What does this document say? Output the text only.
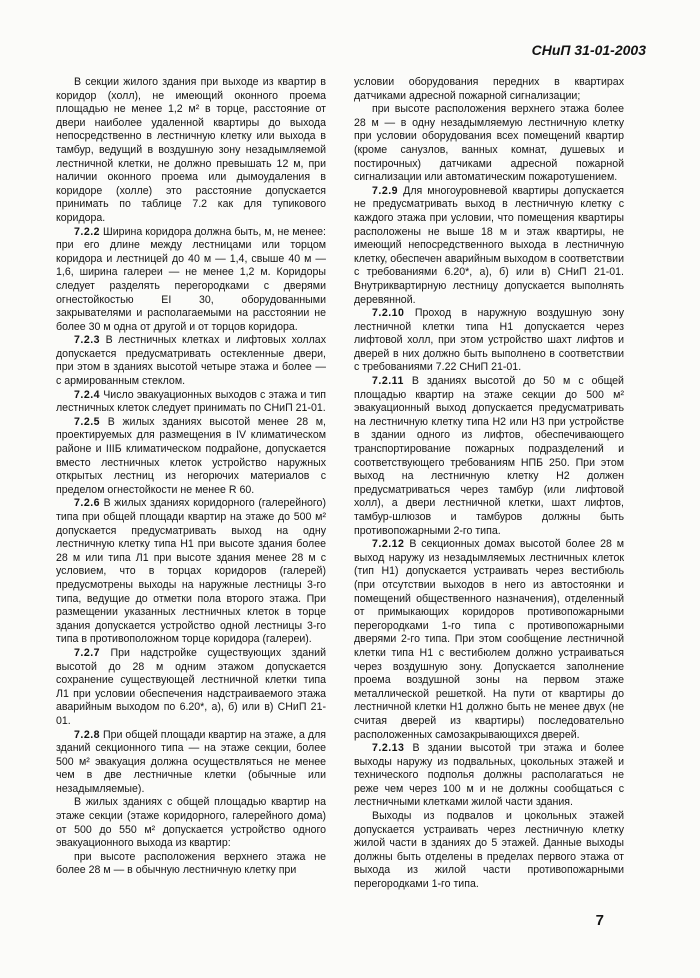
СНиП 31-01-2003

В секции жилого здания при выходе из квартир в коридор (холл), не имеющий оконного проема площадью не менее 1,2 м² в торце, расстояние от двери наиболее удаленной квартиры до выхода непосредственно в лестничную клетку или выхода в тамбур, ведущий в воздушную зону незадымляемой лестничной клетки, не должно превышать 12 м, при наличии оконного проема или дымоудаления в коридоре (холле) это расстояние допускается принимать по таблице 7.2 как для тупикового коридора.

7.2.2 Ширина коридора должна быть, м, не менее: при его длине между лестницами или торцом коридора и лестницей до 40 м — 1,4, свыше 40 м — 1,6, ширина галереи — не менее 1,2 м. Коридоры следует разделять перегородками с дверями огнестойкостью EI 30, оборудованными закрывателями и располагаемыми на расстоянии не более 30 м одна от другой и от торцов коридора.

7.2.3 В лестничных клетках и лифтовых холлах допускается предусматривать остекленные двери, при этом в зданиях высотой четыре этажа и более — с армированным стеклом.

7.2.4 Число эвакуационных выходов с этажа и тип лестничных клеток следует принимать по СНиП 21-01.

7.2.5 В жилых зданиях высотой менее 28 м, проектируемых для размещения в IV климатическом районе и IIIБ климатическом подрайоне, допускается вместо лестничных клеток устройство наружных открытых лестниц из негорючих материалов с пределом огнестойкости не менее R 60.

7.2.6 В жилых зданиях коридорного (галерейного) типа при общей площади квартир на этаже до 500 м² допускается предусматривать выход на одну лестничную клетку типа Н1 при высоте здания более 28 м или типа Л1 при высоте здания менее 28 м с условием, что в торцах коридоров (галерей) предусмотрены выходы на наружные лестницы 3-го типа, ведущие до отметки пола второго этажа. При размещении указанных лестничных клеток в торце здания допускается устройство одной лестницы 3-го типа в противоположном торце коридора (галереи).

7.2.7 При надстройке существующих зданий высотой до 28 м одним этажом допускается сохранение существующей лестничной клетки типа Л1 при условии обеспечения надстраиваемого этажа аварийным выходом по 6.20*, а), б) или в) СНиП 21-01.

7.2.8 При общей площади квартир на этаже, а для зданий секционного типа — на этаже секции, более 500 м² эвакуация должна осуществляться не менее чем в две лестничные клетки (обычные или незадымляемые).

В жилых зданиях с общей площадью квартир на этаже секции (этаже коридорного, галерейного дома) от 500 до 550 м² допускается устройство одного эвакуационного выхода из квартир:

при высоте расположения верхнего этажа не более 28 м — в обычную лестничную клетку при

условии оборудования передних в квартирах датчиками адресной пожарной сигнализации;

при высоте расположения верхнего этажа более 28 м — в одну незадымляемую лестничную клетку при условии оборудования всех помещений квартир (кроме санузлов, ванных комнат, душевых и постирочных) датчиками адресной пожарной сигнализации или автоматическим пожаротушением.

7.2.9 Для многоуровневой квартиры допускается не предусматривать выход в лестничную клетку с каждого этажа при условии, что помещения квартиры расположены не выше 18 м и этаж квартиры, не имеющий непосредственного выхода в лестничную клетку, обеспечен аварийным выходом в соответствии с требованиями 6.20*, а), б) или в) СНиП 21-01. Внутриквартирную лестницу допускается выполнять деревянной.

7.2.10 Проход в наружную воздушную зону лестничной клетки типа Н1 допускается через лифтовой холл, при этом устройство шахт лифтов и дверей в них должно быть выполнено в соответствии с требованиями 7.22 СНиП 21-01.

7.2.11 В зданиях высотой до 50 м с общей площадью квартир на этаже секции до 500 м² эвакуационный выход допускается предусматривать на лестничную клетку типа Н2 или Н3 при устройстве в здании одного из лифтов, обеспечивающего транспортирование пожарных подразделений и соответствующего требованиям НПБ 250. При этом выход на лестничную клетку Н2 должен предусматриваться через тамбур (или лифтовой холл), а двери лестничной клетки, шахт лифтов, тамбур-шлюзов и тамбуров должны быть противопожарными 2-го типа.

7.2.12 В секционных домах высотой более 28 м выход наружу из незадымляемых лестничных клеток (тип Н1) допускается устраивать через вестибюль (при отсутствии выходов в него из автостоянки и помещений общественного назначения), отделенный от примыкающих коридоров противопожарными перегородками 1-го типа с противопожарными дверями 2-го типа. При этом сообщение лестничной клетки типа Н1 с вестибюлем должно устраиваться через воздушную зону. Допускается заполнение проема воздушной зоны на первом этаже металлической решеткой. На пути от квартиры до лестничной клетки Н1 должно быть не менее двух (не считая дверей из квартиры) последовательно расположенных самозакрывающихся дверей.

7.2.13 В здании высотой три этажа и более выходы наружу из подвальных, цокольных этажей и технического подполья должны располагаться не реже чем через 100 м и не должны сообщаться с лестничными клетками жилой части здания.

Выходы из подвалов и цокольных этажей допускается устраивать через лестничную клетку жилой части в зданиях до 5 этажей. Данные выходы должны быть отделены в пределах первого этажа от выхода из жилой части противопожарными перегородками 1-го типа.

7
